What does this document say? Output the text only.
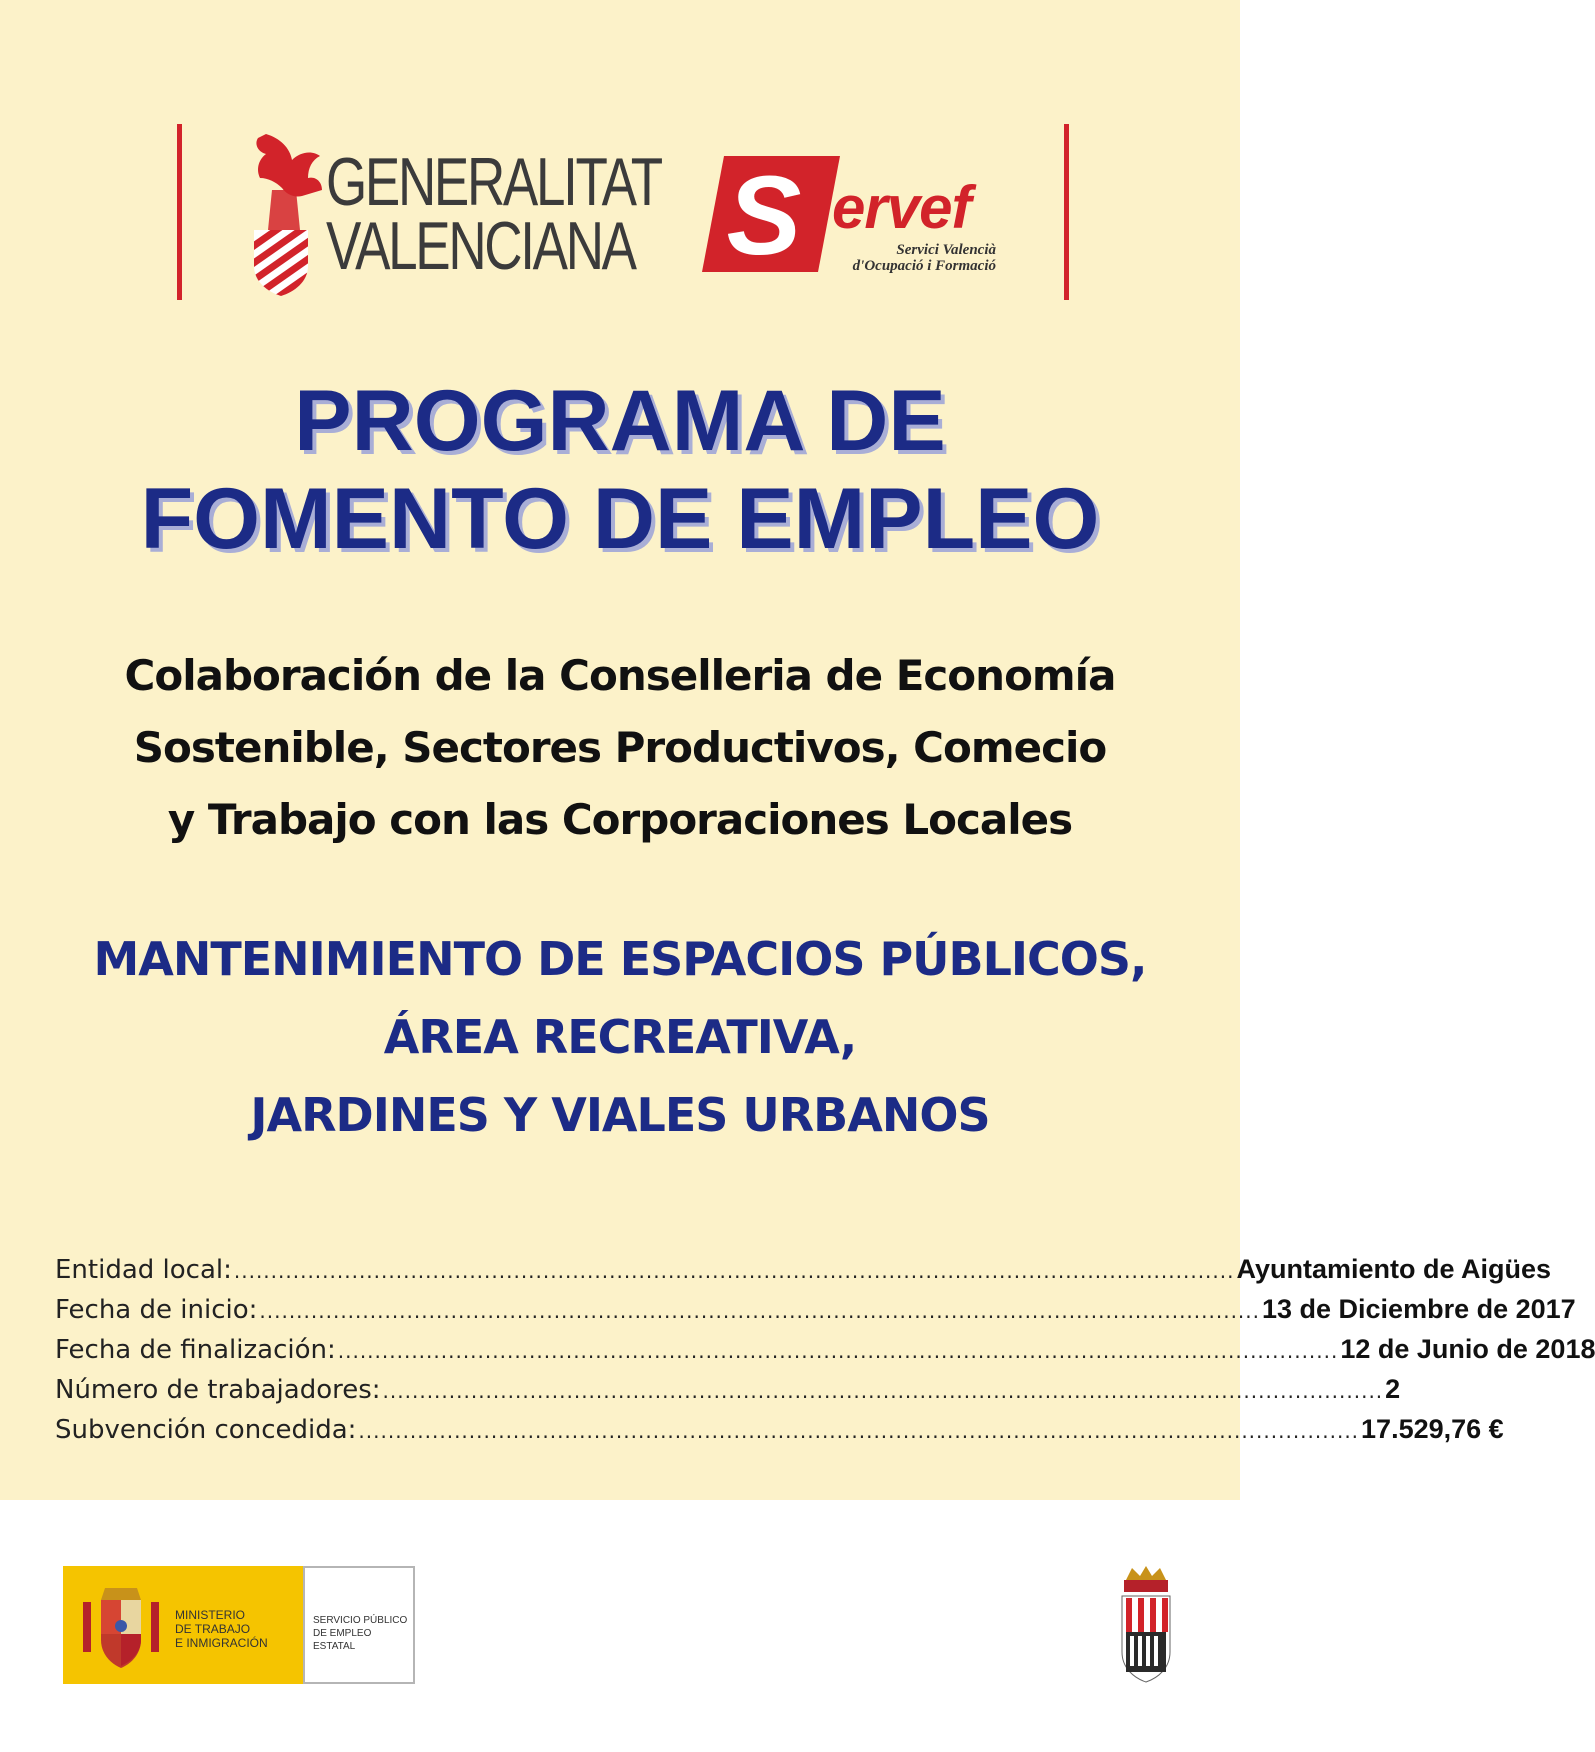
GENERALITAT
VALENCIANA S ervef
Servici Valencià
d'Ocupació i Formació
PROGRAMA DE
FOMENTO DE EMPLEO
Colaboración de la Conselleria de Economía
Sostenible, Sectores Productivos, Comecio
y Trabajo con las Corporaciones Locales
MANTENIMIENTO DE ESPACIOS PÚBLICOS,
ÁREA RECREATIVA,
JARDINES Y VIALES URBANOS
Entidad local: ........................................................................................................................................ Ayuntamiento de Aigües
Fecha de inicio: ........................................................................................................................................ 13 de Diciembre de 2017
Fecha de finalización: ........................................................................................................................................ 12 de Junio de 2018
Número de trabajadores: ........................................................................................................................................ 2
Subvención concedida: ........................................................................................................................................ 17.529,76 €
MINISTERIO
DE TRABAJO
E INMIGRACIÓN
SERVICIO PÚBLICO
DE EMPLEO ESTATAL
